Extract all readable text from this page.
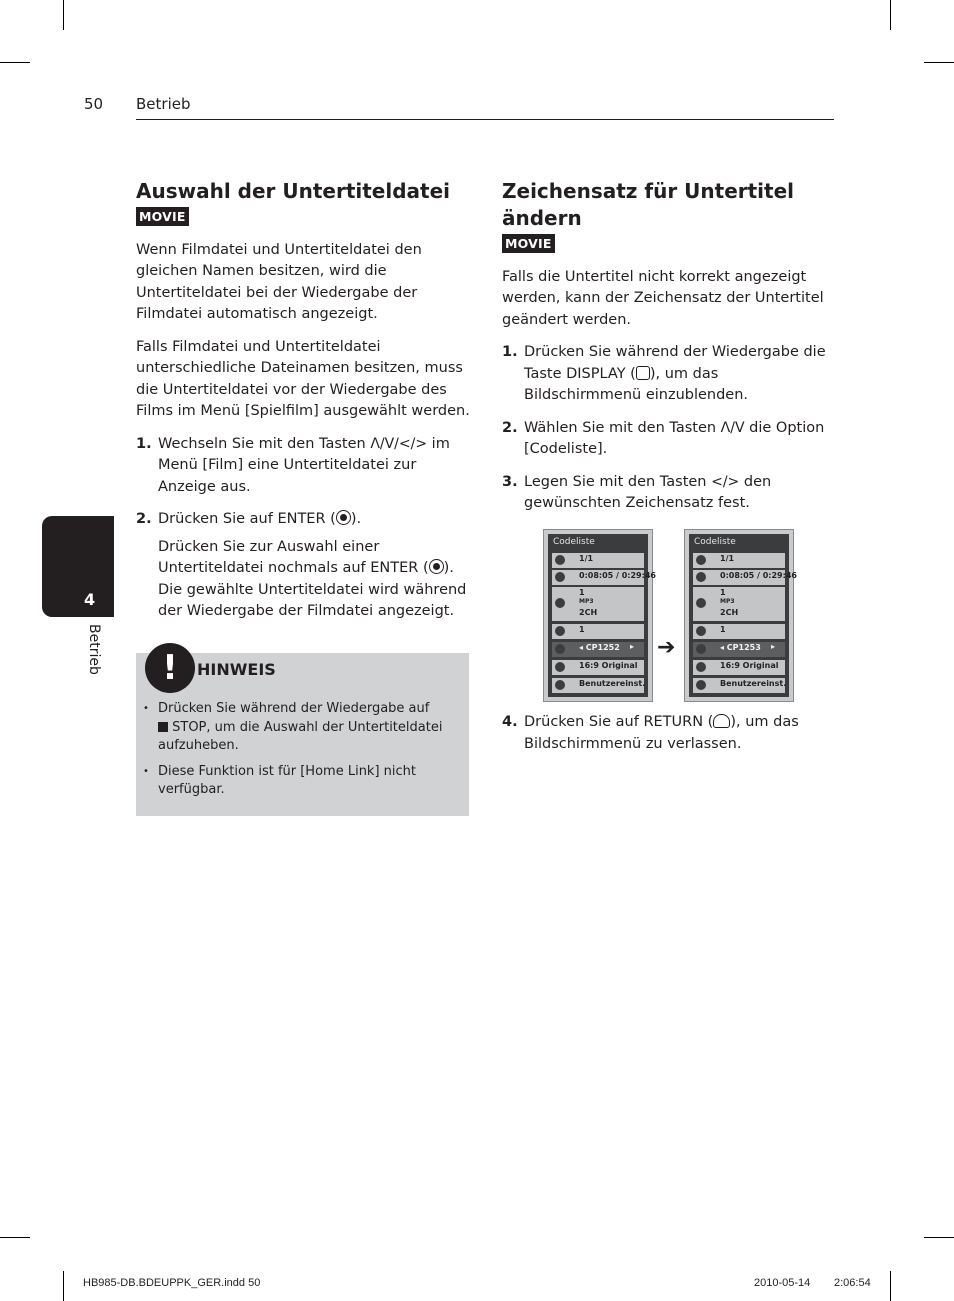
50 Betrieb
4
Betrieb
Auswahl der Untertiteldatei
MOVIE

Wenn Filmdatei und Untertiteldatei den gleichen Namen besitzen, wird die Untertiteldatei bei der Wiedergabe der Filmdatei automatisch angezeigt.

Falls Filmdatei und Untertiteldatei unterschiedliche Dateinamen besitzen, muss die Untertiteldatei vor der Wiedergabe des Films im Menü [Spielfilm] ausgewählt werden.

1. Wechseln Sie mit den Tasten Λ/V/</> im Menü [Film] eine Untertiteldatei zur Anzeige aus.
2. Drücken Sie auf ENTER ( ).

Drücken Sie zur Auswahl einer Untertiteldatei nochmals auf ENTER ( ). Die gewählte Untertiteldatei wird während der Wiedergabe der Filmdatei angezeigt.

!	HINWEIS
• Drücken Sie während der Wiedergabe auf
STOP, um die Auswahl der Untertiteldatei aufzuheben.
• Diese Funktion ist für [Home Link] nicht verfügbar.
Zeichensatz für Untertitel ändern
MOVIE

Falls die Untertitel nicht korrekt angezeigt werden, kann der Zeichensatz der Untertitel geändert werden.

1. Drücken Sie während der Wiedergabe die Taste DISPLAY ( ), um das Bildschirmmenü einzublenden.
2. Wählen Sie mit den Tasten Λ/V die Option [Codeliste].
3. Legen Sie mit den Tasten </> den gewünschten Zeichensatz fest.
Codeliste
1/1
0:08:05 / 0:29:46
1
MP3
2CH
1
◂ CP1252 ▸
16:9 Original
Benutzereinst.
➔
Codeliste
1/1
0:08:05 / 0:29:46
1
MP3
2CH
1
◂ CP1253 ▸
16:9 Original
Benutzereinst.
4. Drücken Sie auf RETURN ( ), um das Bildschirmmenü zu verlassen.
HB985-DB.BDEUPPK_GER.indd 50	2010-05-14 2:06:54
